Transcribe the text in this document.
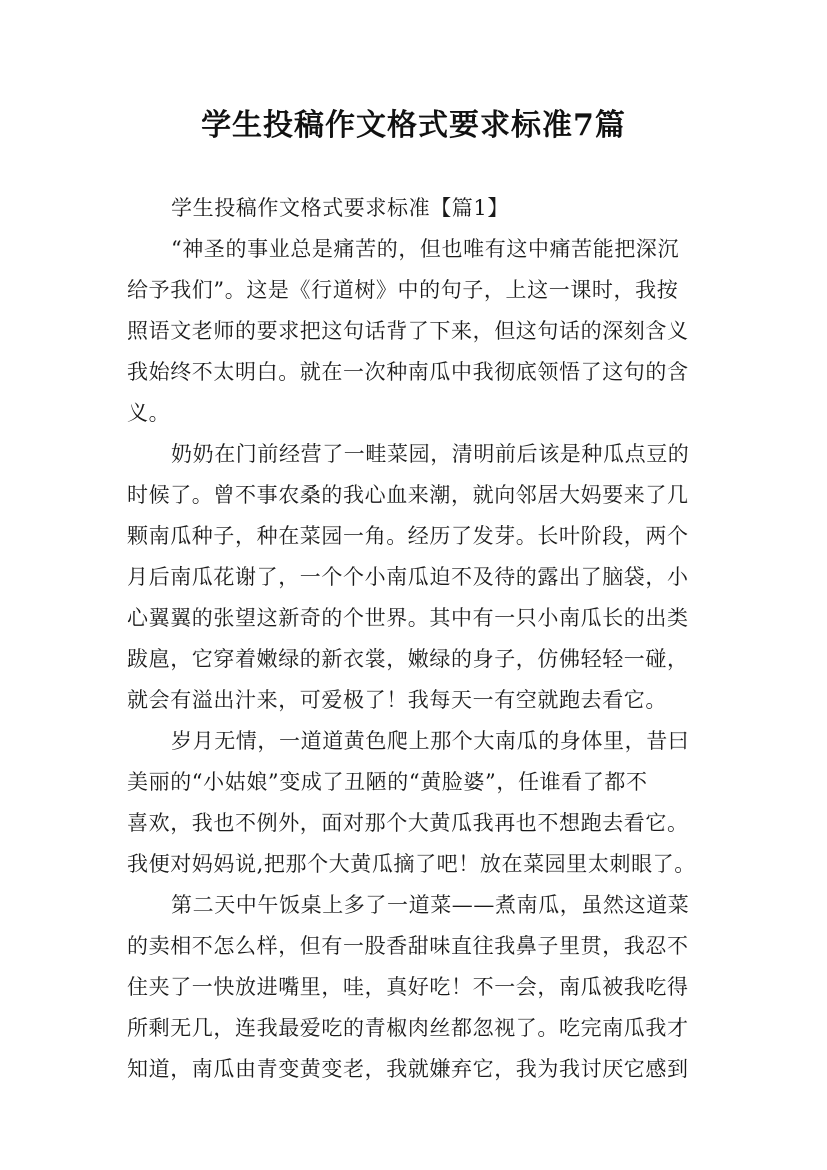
学生投稿作文格式要求标准7篇
学生投稿作文格式要求标准【篇1】
“神圣的事业总是痛苦的，但也唯有这中痛苦能把深沉
给予我们”。这是《行道树》中的句子，上这一课时，我按
照语文老师的要求把这句话背了下来，但这句话的深刻含义
我始终不太明白。就在一次种南瓜中我彻底领悟了这句的含
义。
奶奶在门前经营了一畦菜园，清明前后该是种瓜点豆的
时候了。曾不事农桑的我心血来潮，就向邻居大妈要来了几
颗南瓜种子，种在菜园一角。经历了发芽。长叶阶段，两个
月后南瓜花谢了，一个个小南瓜迫不及待的露出了脑袋，小
心翼翼的张望这新奇的个世界。其中有一只小南瓜长的出类
跋扈，它穿着嫩绿的新衣裳，嫩绿的身子，仿佛轻轻一碰，
就会有溢出汁来，可爱极了！我每天一有空就跑去看它。
岁月无情，一道道黄色爬上那个大南瓜的身体里，昔曰
美丽的“小姑娘”变成了丑陋的“黄脸婆”，任谁看了都不
喜欢，我也不例外，面对那个大黄瓜我再也不想跑去看它。
我便对妈妈说,把那个大黄瓜摘了吧！放在菜园里太刺眼了。
第二天中午饭桌上多了一道菜——煮南瓜，虽然这道菜
的卖相不怎么样，但有一股香甜味直往我鼻子里贯，我忍不
住夹了一快放进嘴里，哇，真好吃！不一会，南瓜被我吃得
所剩无几，连我最爱吃的青椒肉丝都忽视了。吃完南瓜我才
知道，南瓜由青变黄变老，我就嫌弃它，我为我讨厌它感到
